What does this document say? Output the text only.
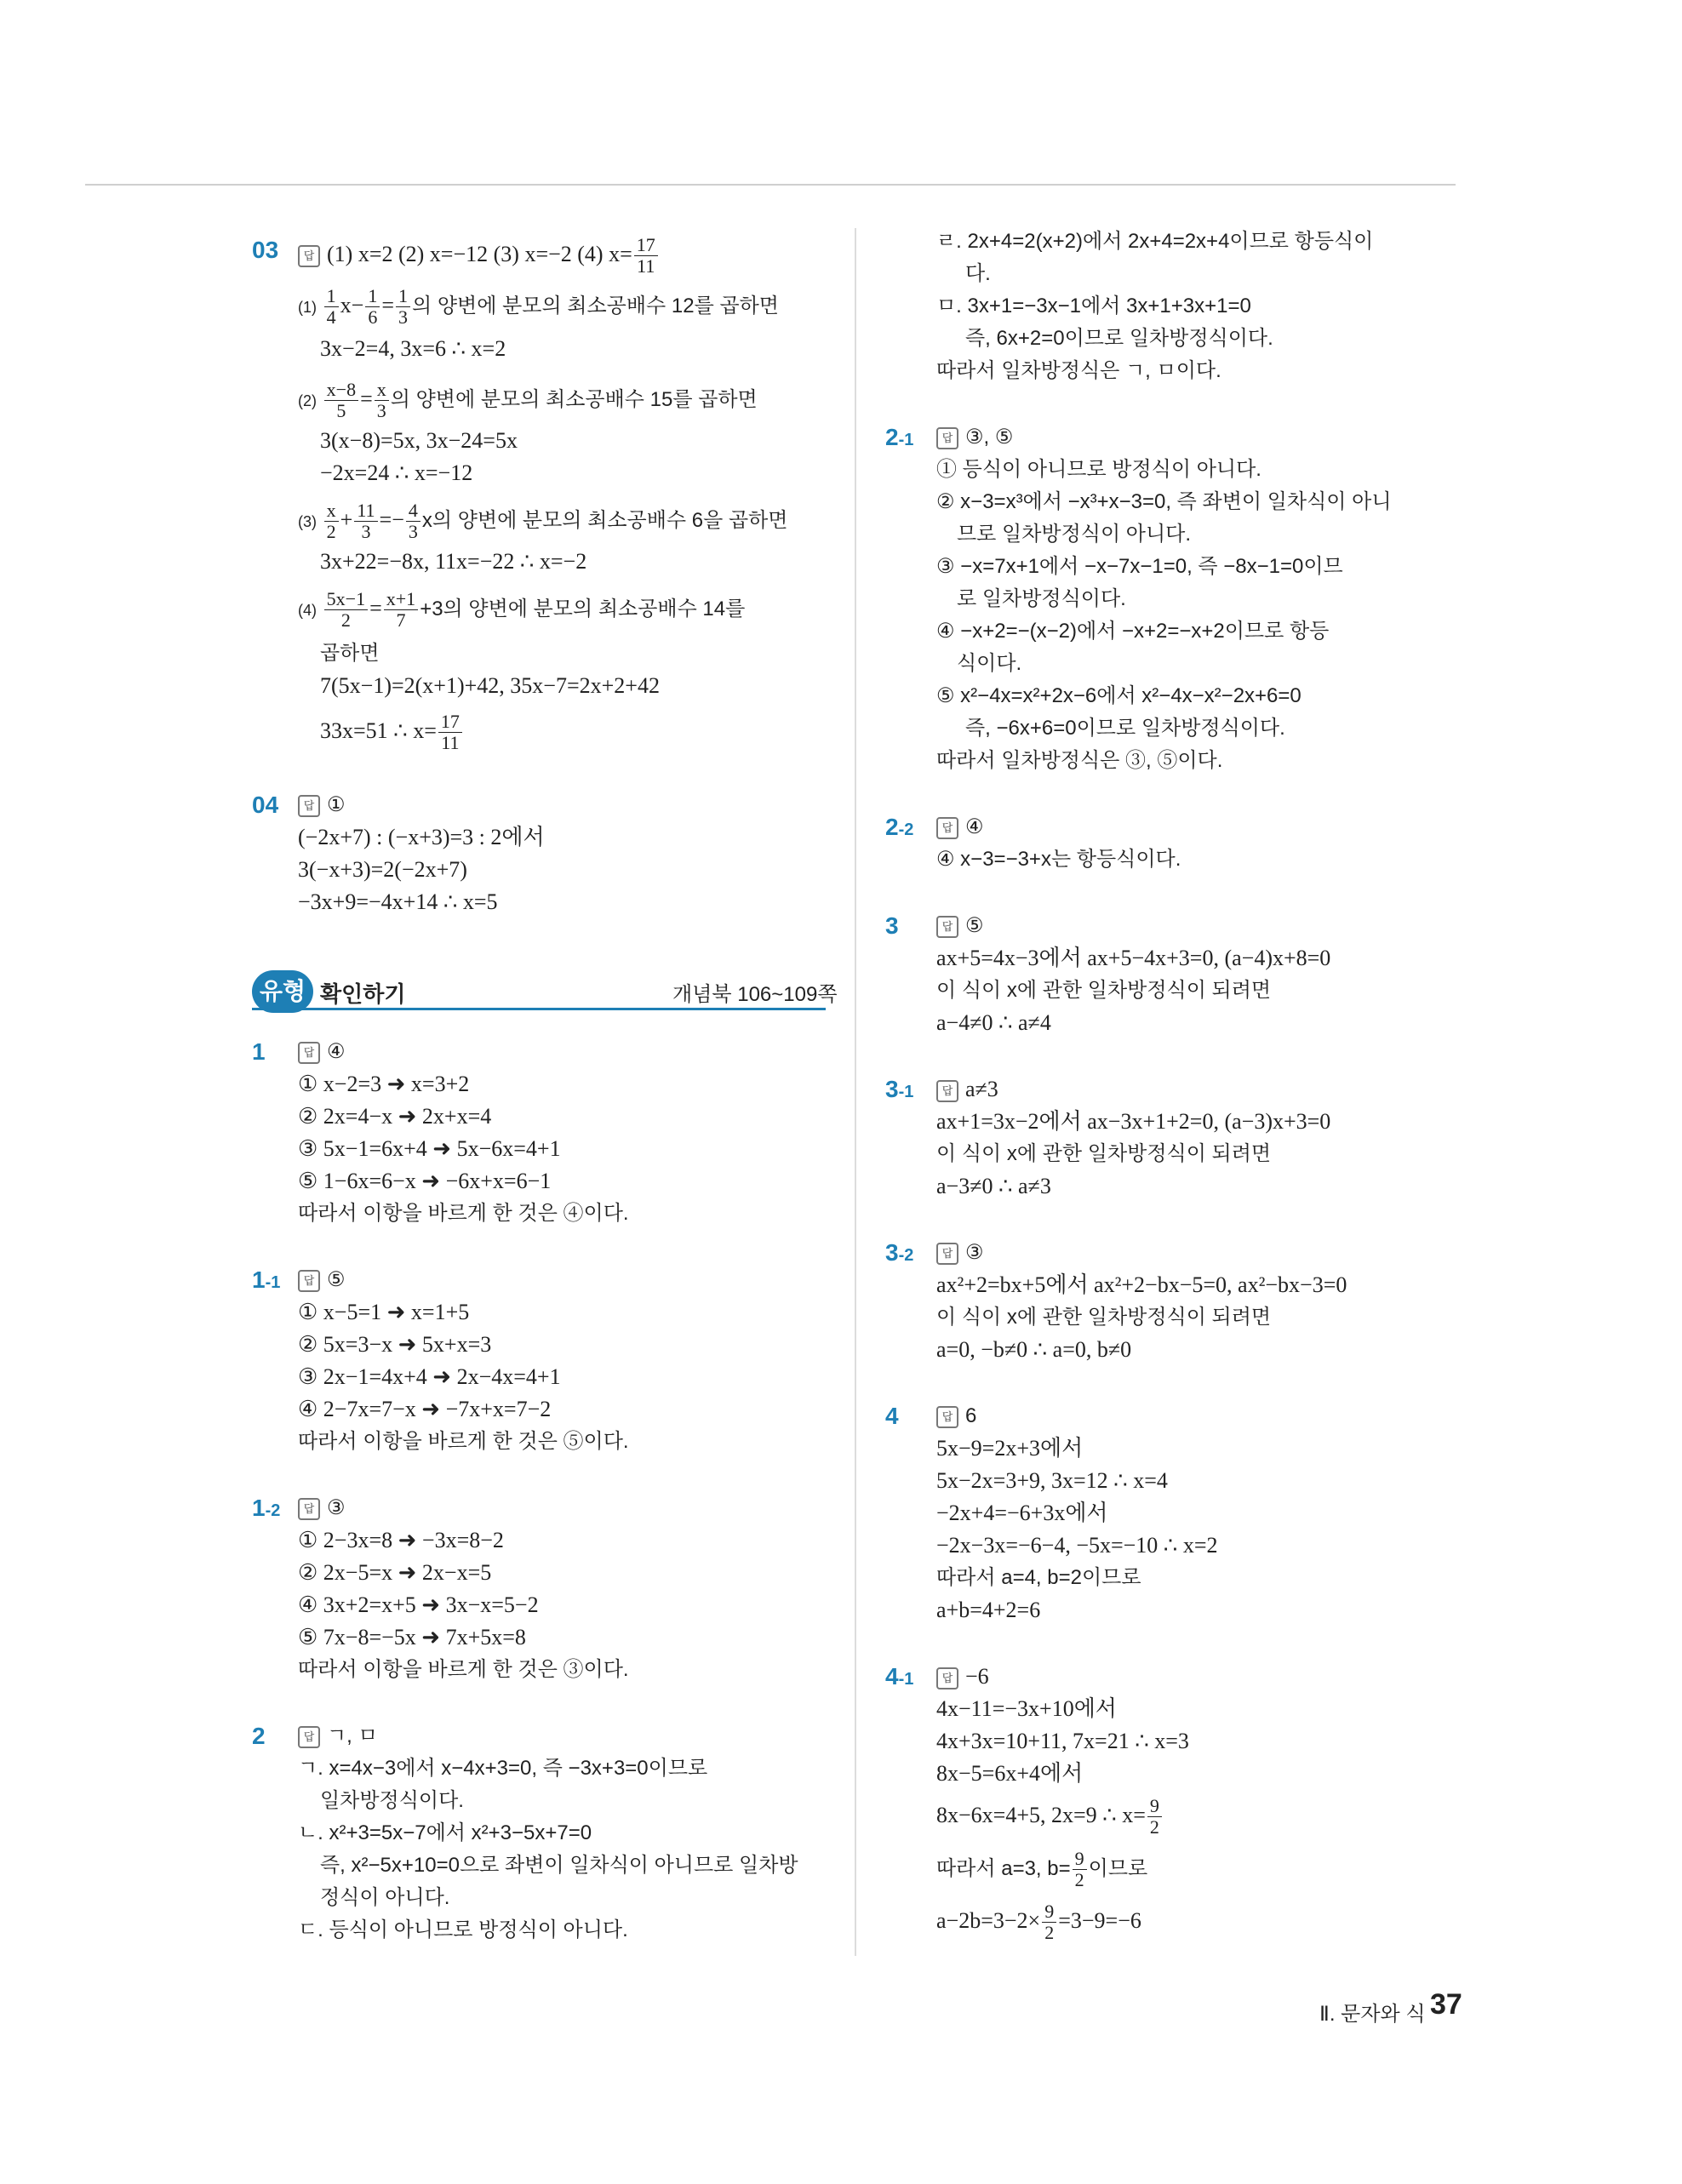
03	답 (1) x=2 (2) x=−12 (3) x=−2 (4) $x= \frac{17}{11}$
$(1) \frac{1}{4} x- \frac{1}{6} = \frac{1}{3}$ 의 양변에 분모의 최소공배수 12를 곱하면
3x−2=4, 3x=6 ∴ x=2
$(2) \frac{x-8}{5} = \frac{x}{3}$ 의 양변에 분모의 최소공배수 15를 곱하면
3(x−8)=5x, 3x−24=5x
−2x=24 ∴ x=−12
$(3) \frac{x}{2} + \frac{11}{3} =- \frac{4}{3}$ x의 양변에 분모의 최소공배수 6을 곱하면
3x+22=−8x, 11x=−22 ∴ x=−2
$(4) \frac{5x-1}{2} = \frac{x+1}{7} +3$의 양변에 분모의 최소공배수 14를
곱하면
7(5x−1)=2(x+1)+42, 35x−7=2x+2+42
33x=51 ∴ $x= \frac{17}{11}$
04	답 ①
(−2x+7) : (−x+3)=3 : 2에서
3(−x+3)=2(−2x+7)
−3x+9=−4x+14 ∴ x=5
유형 확인하기	개념북 106~109쪽
1	답 ④
① x−2=3 ➜ x=3+2
② 2x=4−x ➜ 2x+x=4
③ 5x−1=6x+4 ➜ 5x−6x=4+1
⑤ 1−6x=6−x ➜ −6x+x=6−1
따라서 이항을 바르게 한 것은 ④이다.
1-1	답 ⑤
① x−5=1 ➜ x=1+5
② 5x=3−x ➜ 5x+x=3
③ 2x−1=4x+4 ➜ 2x−4x=4+1
④ 2−7x=7−x ➜ −7x+x=7−2
따라서 이항을 바르게 한 것은 ⑤이다.
1-2	답 ③
① 2−3x=8 ➜ −3x=8−2
② 2x−5=x ➜ 2x−x=5
④ 3x+2=x+5 ➜ 3x−x=5−2
⑤ 7x−8=−5x ➜ 7x+5x=8
따라서 이항을 바르게 한 것은 ③이다.
2	답 ㄱ, ㅁ
ㄱ. x=4x−3에서 x−4x+3=0, 즉 −3x+3=0이므로
일차방정식이다.
ㄴ. x²+3=5x−7에서 x²+3−5x+7=0
즉, x²−5x+10=0으로 좌변이 일차식이 아니므로 일차방
정식이 아니다.
ㄷ. 등식이 아니므로 방정식이 아니다.
ㄹ. 2x+4=2(x+2)에서 2x+4=2x+4이므로 항등식이
다.
ㅁ. 3x+1=−3x−1에서 3x+1+3x+1=0
즉, 6x+2=0이므로 일차방정식이다.
따라서 일차방정식은 ㄱ, ㅁ이다.
2-1	답 ③, ⑤
① 등식이 아니므로 방정식이 아니다.
② x−3=x³에서 −x³+x−3=0, 즉 좌변이 일차식이 아니
므로 일차방정식이 아니다.
③ −x=7x+1에서 −x−7x−1=0, 즉 −8x−1=0이므
로 일차방정식이다.
④ −x+2=−(x−2)에서 −x+2=−x+2이므로 항등
식이다.
⑤ x²−4x=x²+2x−6에서 x²−4x−x²−2x+6=0
즉, −6x+6=0이므로 일차방정식이다.
따라서 일차방정식은 ③, ⑤이다.
2-2	답 ④
④ x−3=−3+x는 항등식이다.
3	답 ⑤
ax+5=4x−3에서 ax+5−4x+3=0, (a−4)x+8=0
이 식이 x에 관한 일차방정식이 되려면
a−4≠0 ∴ a≠4
3-1	답 a≠3
ax+1=3x−2에서 ax−3x+1+2=0, (a−3)x+3=0
이 식이 x에 관한 일차방정식이 되려면
a−3≠0 ∴ a≠3
3-2	답 ③
ax²+2=bx+5에서 ax²+2−bx−5=0, ax²−bx−3=0
이 식이 x에 관한 일차방정식이 되려면
a=0, −b≠0 ∴ a=0, b≠0
4	답 6
5x−9=2x+3에서
5x−2x=3+9, 3x=12 ∴ x=4
−2x+4=−6+3x에서
−2x−3x=−6−4, −5x=−10 ∴ x=2
따라서 a=4, b=2이므로
a+b=4+2=6
4-1	답 −6
4x−11=−3x+10에서
4x+3x=10+11, 7x=21 ∴ x=3
8x−5=6x+4에서
8x−6x=4+5, 2x=9 ∴ $x= \frac{9}{2}$
따라서 a=3, $b= \frac{9}{2}$ 이므로
$a-2b=3-2\times \frac{9}{2} =3-9=-6$
Ⅱ. 문자와 식 37
